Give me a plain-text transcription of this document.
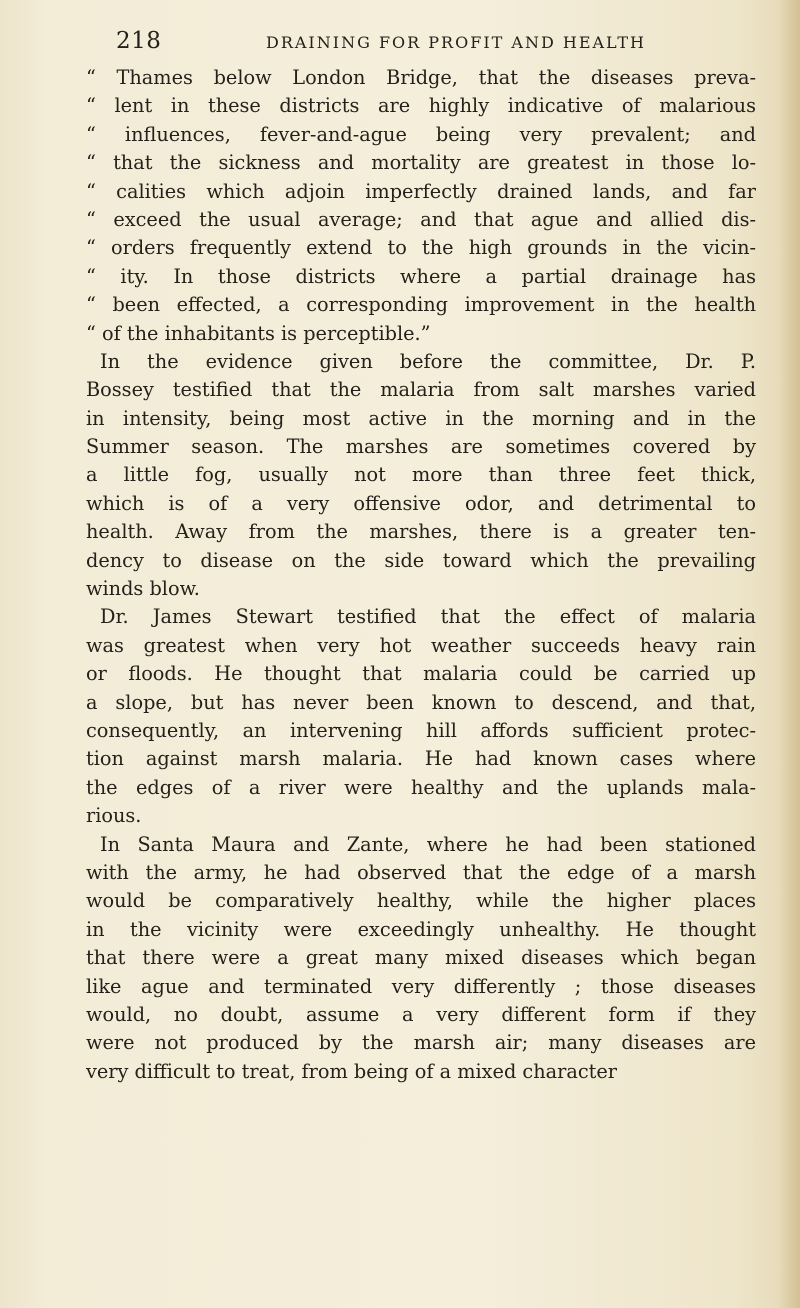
218	DRAINING FOR PROFIT AND HEALTH
“ Thames below London Bridge, that the diseases preva-
“ lent in these districts are highly indicative of malarious
“ influences, fever-and-ague being very prevalent; and
“ that the sickness and mortality are greatest in those lo-
“ calities which adjoin imperfectly drained lands, and far
“ exceed the usual average; and that ague and allied dis-
“ orders frequently extend to the high grounds in the vicin-
“ ity. In those districts where a partial drainage has
“ been effected, a corresponding improvement in the health
“ of the inhabitants is perceptible.”
In the evidence given before the committee, Dr. P.
Bossey testified that the malaria from salt marshes varied
in intensity, being most active in the morning and in the
Summer season. The marshes are sometimes covered by
a little fog, usually not more than three feet thick,
which is of a very offensive odor, and detrimental to
health. Away from the marshes, there is a greater ten-
dency to disease on the side toward which the prevailing
winds blow.
Dr. James Stewart testified that the effect of malaria
was greatest when very hot weather succeeds heavy rain
or floods. He thought that malaria could be carried up
a slope, but has never been known to descend, and that,
consequently, an intervening hill affords sufficient protec-
tion against marsh malaria. He had known cases where
the edges of a river were healthy and the uplands mala-
rious.
In Santa Maura and Zante, where he had been stationed
with the army, he had observed that the edge of a marsh
would be comparatively healthy, while the higher places
in the vicinity were exceedingly unhealthy. He thought
that there were a great many mixed diseases which began
like ague and terminated very differently ; those diseases
would, no doubt, assume a very different form if they
were not produced by the marsh air; many diseases are
very difficult to treat, from being of a mixed character
